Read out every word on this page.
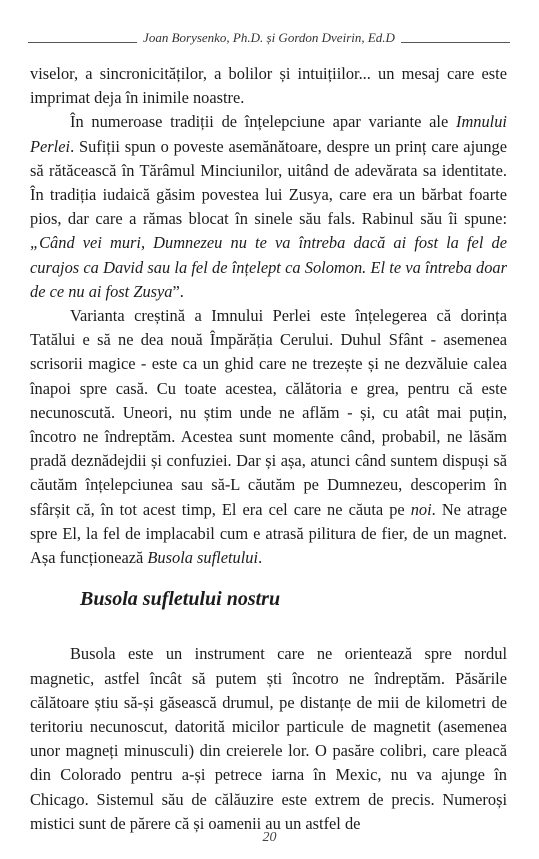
Joan Borysenko, Ph.D. și Gordon Dveirin, Ed.D

viselor, a sincronicităților, a bolilor și intuițiilor... un mesaj care este imprimat deja în inimile noastre.

În numeroase tradiții de înțelepciune apar variante ale Imnului Perlei. Sufiții spun o poveste asemănătoare, despre un prinț care ajunge să rătăcească în Tărâmul Minciunilor, uitând de adevărata sa identitate. În tradiția iudaică găsim povestea lui Zusya, care era un bărbat foarte pios, dar care a rămas blocat în sinele său fals. Rabinul său îi spune: „Când vei muri, Dumnezeu nu te va întreba dacă ai fost la fel de curajos ca David sau la fel de înțelept ca Solomon. El te va întreba doar de ce nu ai fost Zusya”.

Varianta creștină a Imnului Perlei este înțelegerea că dorința Tatălui e să ne dea nouă Împărăția Cerului. Duhul Sfânt - asemenea scrisorii magice - este ca un ghid care ne trezește și ne dezvăluie calea înapoi spre casă. Cu toate acestea, călătoria e grea, pentru că este necunoscută. Uneori, nu știm unde ne aflăm - și, cu atât mai puțin, încotro ne îndreptăm. Acestea sunt momente când, probabil, ne lăsăm pradă deznădejdii și confuziei. Dar și așa, atunci când suntem dispuși să căutăm înțelepciunea sau să-L căutăm pe Dumnezeu, descoperim în sfârșit că, în tot acest timp, El era cel care ne căuta pe noi. Ne atrage spre El, la fel de implacabil cum e atrasă pilitura de fier, de un magnet. Așa funcționează Busola sufletului.

Busola sufletului nostru

Busola este un instrument care ne orientează spre nordul magnetic, astfel încât să putem ști încotro ne îndreptăm. Păsările călătoare știu să-și găsească drumul, pe distanțe de mii de kilometri de teritoriu necunoscut, datorită micilor particule de magnetit (asemenea unor magneți minusculi) din creierele lor. O pasăre colibri, care pleacă din Colorado pentru a-și petrece iarna în Mexic, nu va ajunge în Chicago. Sistemul său de călăuzire este extrem de precis. Numeroși mistici sunt de părere că și oamenii au un astfel de

20
